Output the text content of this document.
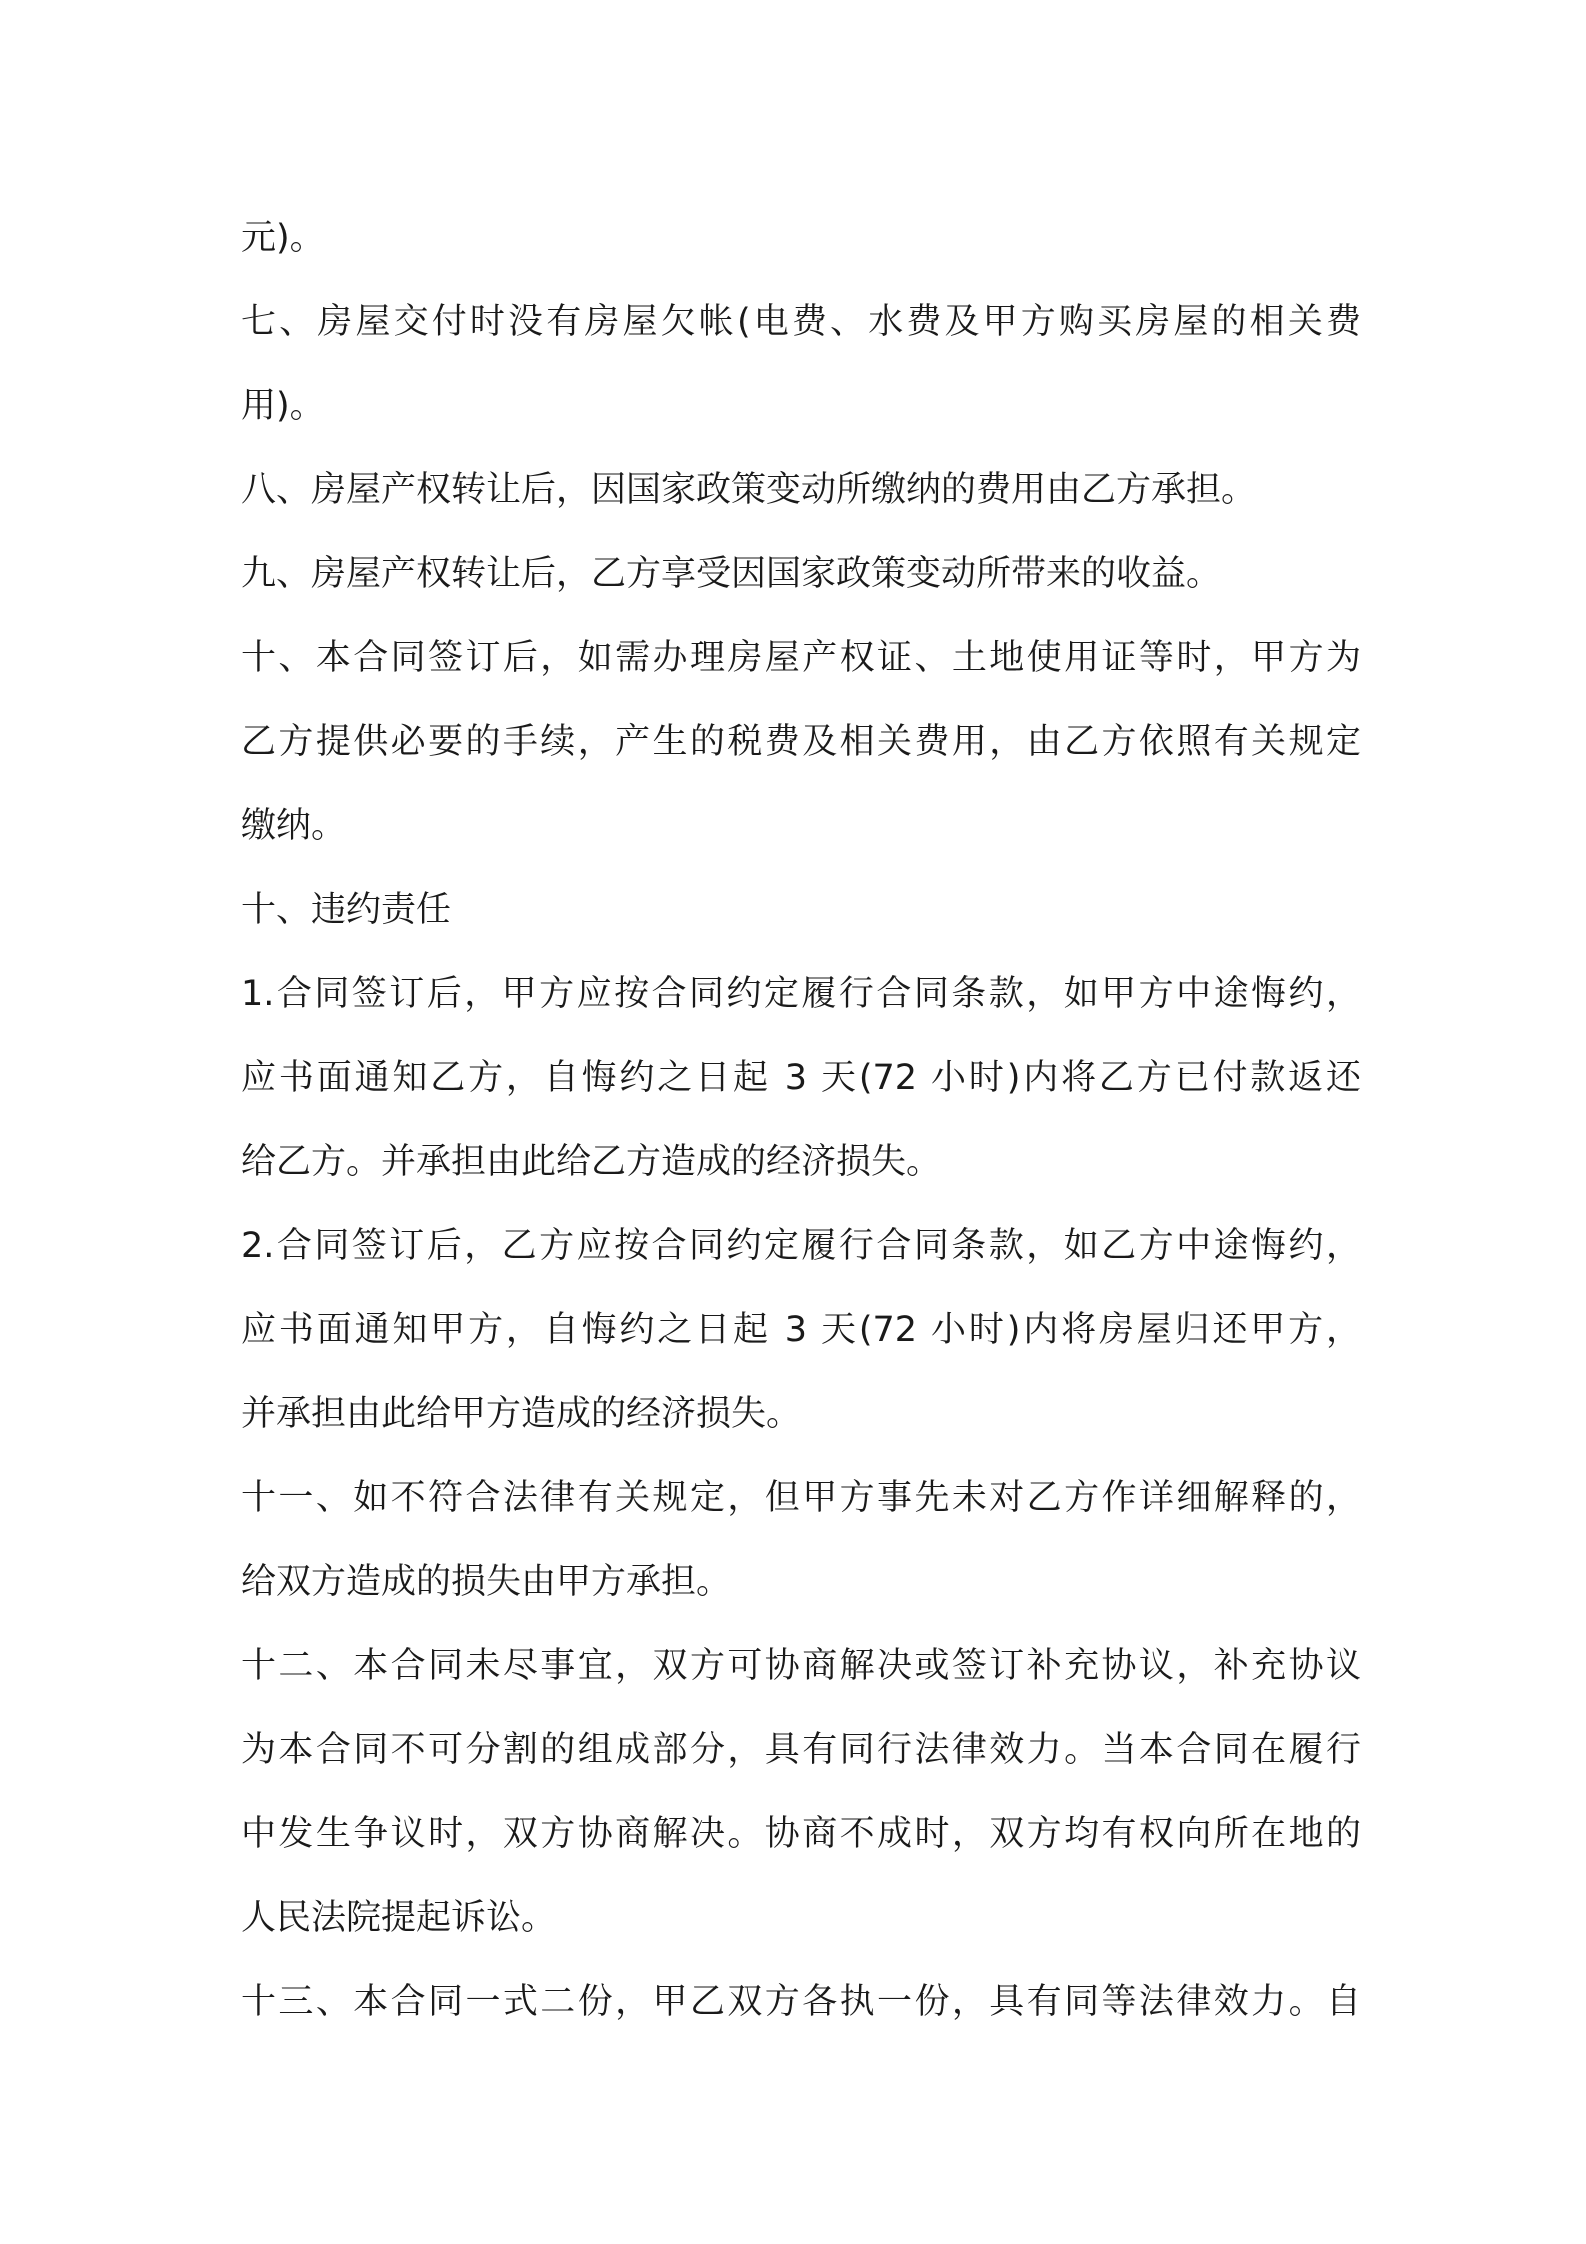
元)。
七、房屋交付时没有房屋欠帐(电费、水费及甲方购买房屋的相关费
用)。
八、房屋产权转让后，因国家政策变动所缴纳的费用由乙方承担。
九、房屋产权转让后，乙方享受因国家政策变动所带来的收益。
十、本合同签订后，如需办理房屋产权证、土地使用证等时，甲方为
乙方提供必要的手续，产生的税费及相关费用，由乙方依照有关规定
缴纳。
十、违约责任
1.合同签订后，甲方应按合同约定履行合同条款，如甲方中途悔约，
应书面通知乙方，自悔约之日起 3 天(72 小时)内将乙方已付款返还
给乙方。并承担由此给乙方造成的经济损失。
2.合同签订后，乙方应按合同约定履行合同条款，如乙方中途悔约，
应书面通知甲方，自悔约之日起 3 天(72 小时)内将房屋归还甲方，
并承担由此给甲方造成的经济损失。
十一、如不符合法律有关规定，但甲方事先未对乙方作详细解释的，
给双方造成的损失由甲方承担。
十二、本合同未尽事宜，双方可协商解决或签订补充协议，补充协议
为本合同不可分割的组成部分，具有同行法律效力。当本合同在履行
中发生争议时，双方协商解决。协商不成时，双方均有权向所在地的
人民法院提起诉讼。
十三、本合同一式二份，甲乙双方各执一份，具有同等法律效力。自
